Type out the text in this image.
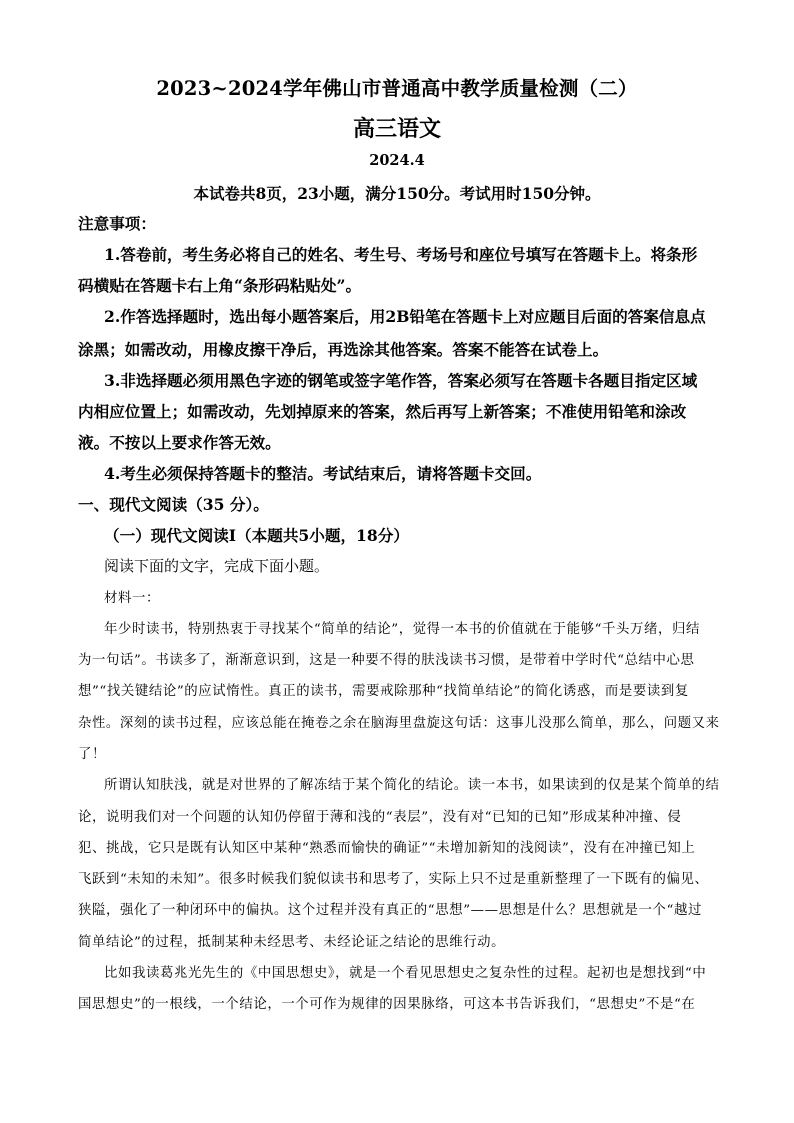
2023~2024学年佛山市普通高中教学质量检测（二）
高三语文
2024.4
本试卷共8页，23小题，满分150分。考试用时150分钟。
注意事项：
1.答卷前，考生务必将自己的姓名、考生号、考场号和座位号填写在答题卡上。将条形
码横贴在答题卡右上角“条形码粘贴处”。
2.作答选择题时，选出每小题答案后，用2B铅笔在答题卡上对应题目后面的答案信息点
涂黑；如需改动，用橡皮擦干净后，再选涂其他答案。答案不能答在试卷上。
3.非选择题必须用黑色字迹的钢笔或签字笔作答，答案必须写在答题卡各题目指定区域
内相应位置上；如需改动，先划掉原来的答案，然后再写上新答案；不准使用铅笔和涂改
液。不按以上要求作答无效。
4.考生必须保持答题卡的整洁。考试结束后，请将答题卡交回。
一、现代文阅读（35 分）。
（一）现代文阅读Ⅰ（本题共5小题，18分）
阅读下面的文字，完成下面小题。
材料一：
年少时读书，特别热衷于寻找某个“简单的结论”，觉得一本书的价值就在于能够“千头万绪，归结
为一句话”。书读多了，渐渐意识到，这是一种要不得的肤浅读书习惯，是带着中学时代“总结中心思
想”“找关键结论”的应试惰性。真正的读书，需要戒除那种“找简单结论”的简化诱惑，而是要读到复
杂性。深刻的读书过程，应该总能在掩卷之余在脑海里盘旋这句话：这事儿没那么简单，那么，问题又来
了！
所谓认知肤浅，就是对世界的了解冻结于某个简化的结论。读一本书，如果读到的仅是某个简单的结
论，说明我们对一个问题的认知仍停留于薄和浅的“表层”，没有对“已知的已知”形成某种冲撞、侵
犯、挑战，它只是既有认知区中某种“熟悉而愉快的确证”“未增加新知的浅阅读”，没有在冲撞已知上
飞跃到“未知的未知”。很多时候我们貌似读书和思考了，实际上只不过是重新整理了一下既有的偏见、
狭隘，强化了一种闭环中的偏执。这个过程并没有真正的“思想”——思想是什么？思想就是一个“越过
简单结论”的过程，抵制某种未经思考、未经论证之结论的思维行动。
比如我读葛兆光先生的《中国思想史》，就是一个看见思想史之复杂性的过程。起初也是想找到“中
国思想史”的一根线，一个结论，一个可作为规律的因果脉络，可这本书告诉我们，“思想史”不是“在
